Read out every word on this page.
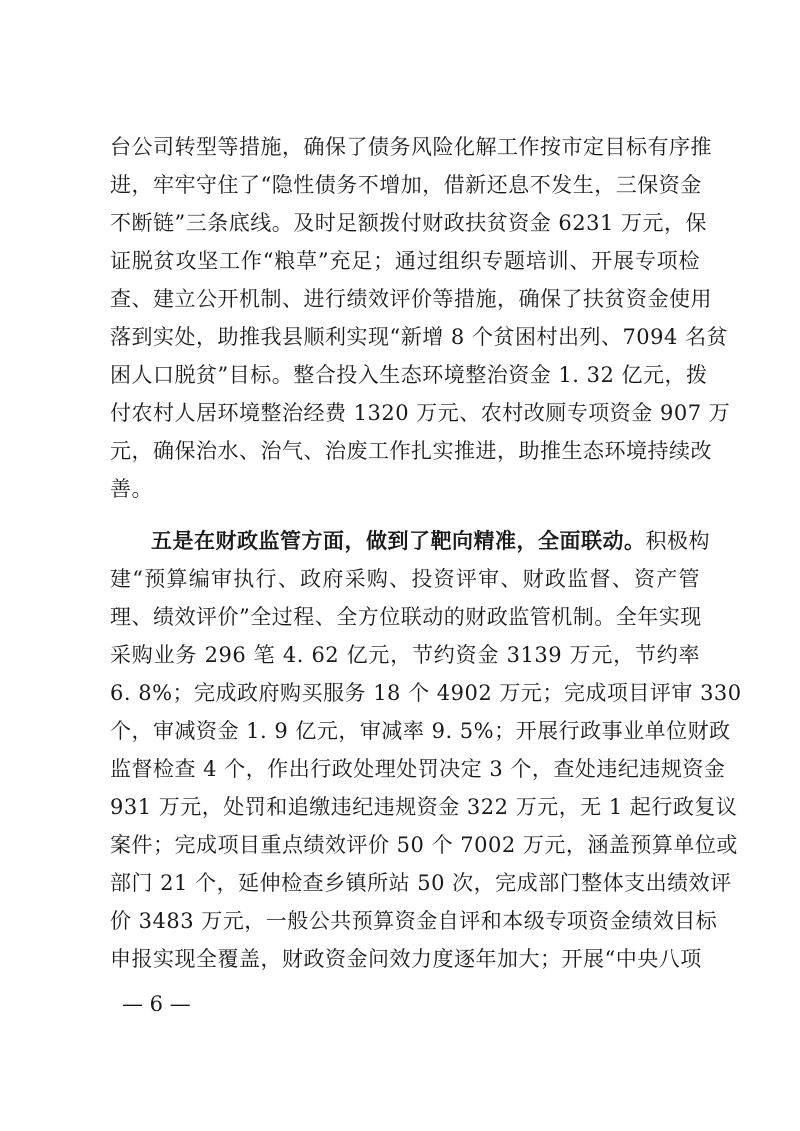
台公司转型等措施，确保了债务风险化解工作按市定目标有序推
进，牢牢守住了“隐性债务不增加，借新还息不发生，三保资金
不断链”三条底线。及时足额拨付财政扶贫资金 6231 万元，保
证脱贫攻坚工作“粮草”充足；通过组织专题培训、开展专项检
查、建立公开机制、进行绩效评价等措施，确保了扶贫资金使用
落到实处，助推我县顺利实现“新增 8 个贫困村出列、7094 名贫
困人口脱贫”目标。整合投入生态环境整治资金 1. 32 亿元，拨
付农村人居环境整治经费 1320 万元、农村改厕专项资金 907 万
元，确保治水、治气、治废工作扎实推进，助推生态环境持续改
善。
五是在财政监管方面，做到了靶向精准，全面联动。积极构
建“预算编审执行、政府采购、投资评审、财政监督、资产管
理、绩效评价”全过程、全方位联动的财政监管机制。全年实现
采购业务 296 笔 4. 62 亿元，节约资金 3139 万元，节约率
6. 8%；完成政府购买服务 18 个 4902 万元；完成项目评审 330
个，审减资金 1. 9 亿元，审减率 9. 5%；开展行政事业单位财政
监督检查 4 个，作出行政处理处罚决定 3 个，查处违纪违规资金
931 万元，处罚和追缴违纪违规资金 322 万元，无 1 起行政复议
案件；完成项目重点绩效评价 50 个 7002 万元，涵盖预算单位或
部门 21 个，延伸检查乡镇所站 50 次，完成部门整体支出绩效评
价 3483 万元，一般公共预算资金自评和本级专项资金绩效目标
申报实现全覆盖，财政资金问效力度逐年加大；开展“中央八项
— 6 —
